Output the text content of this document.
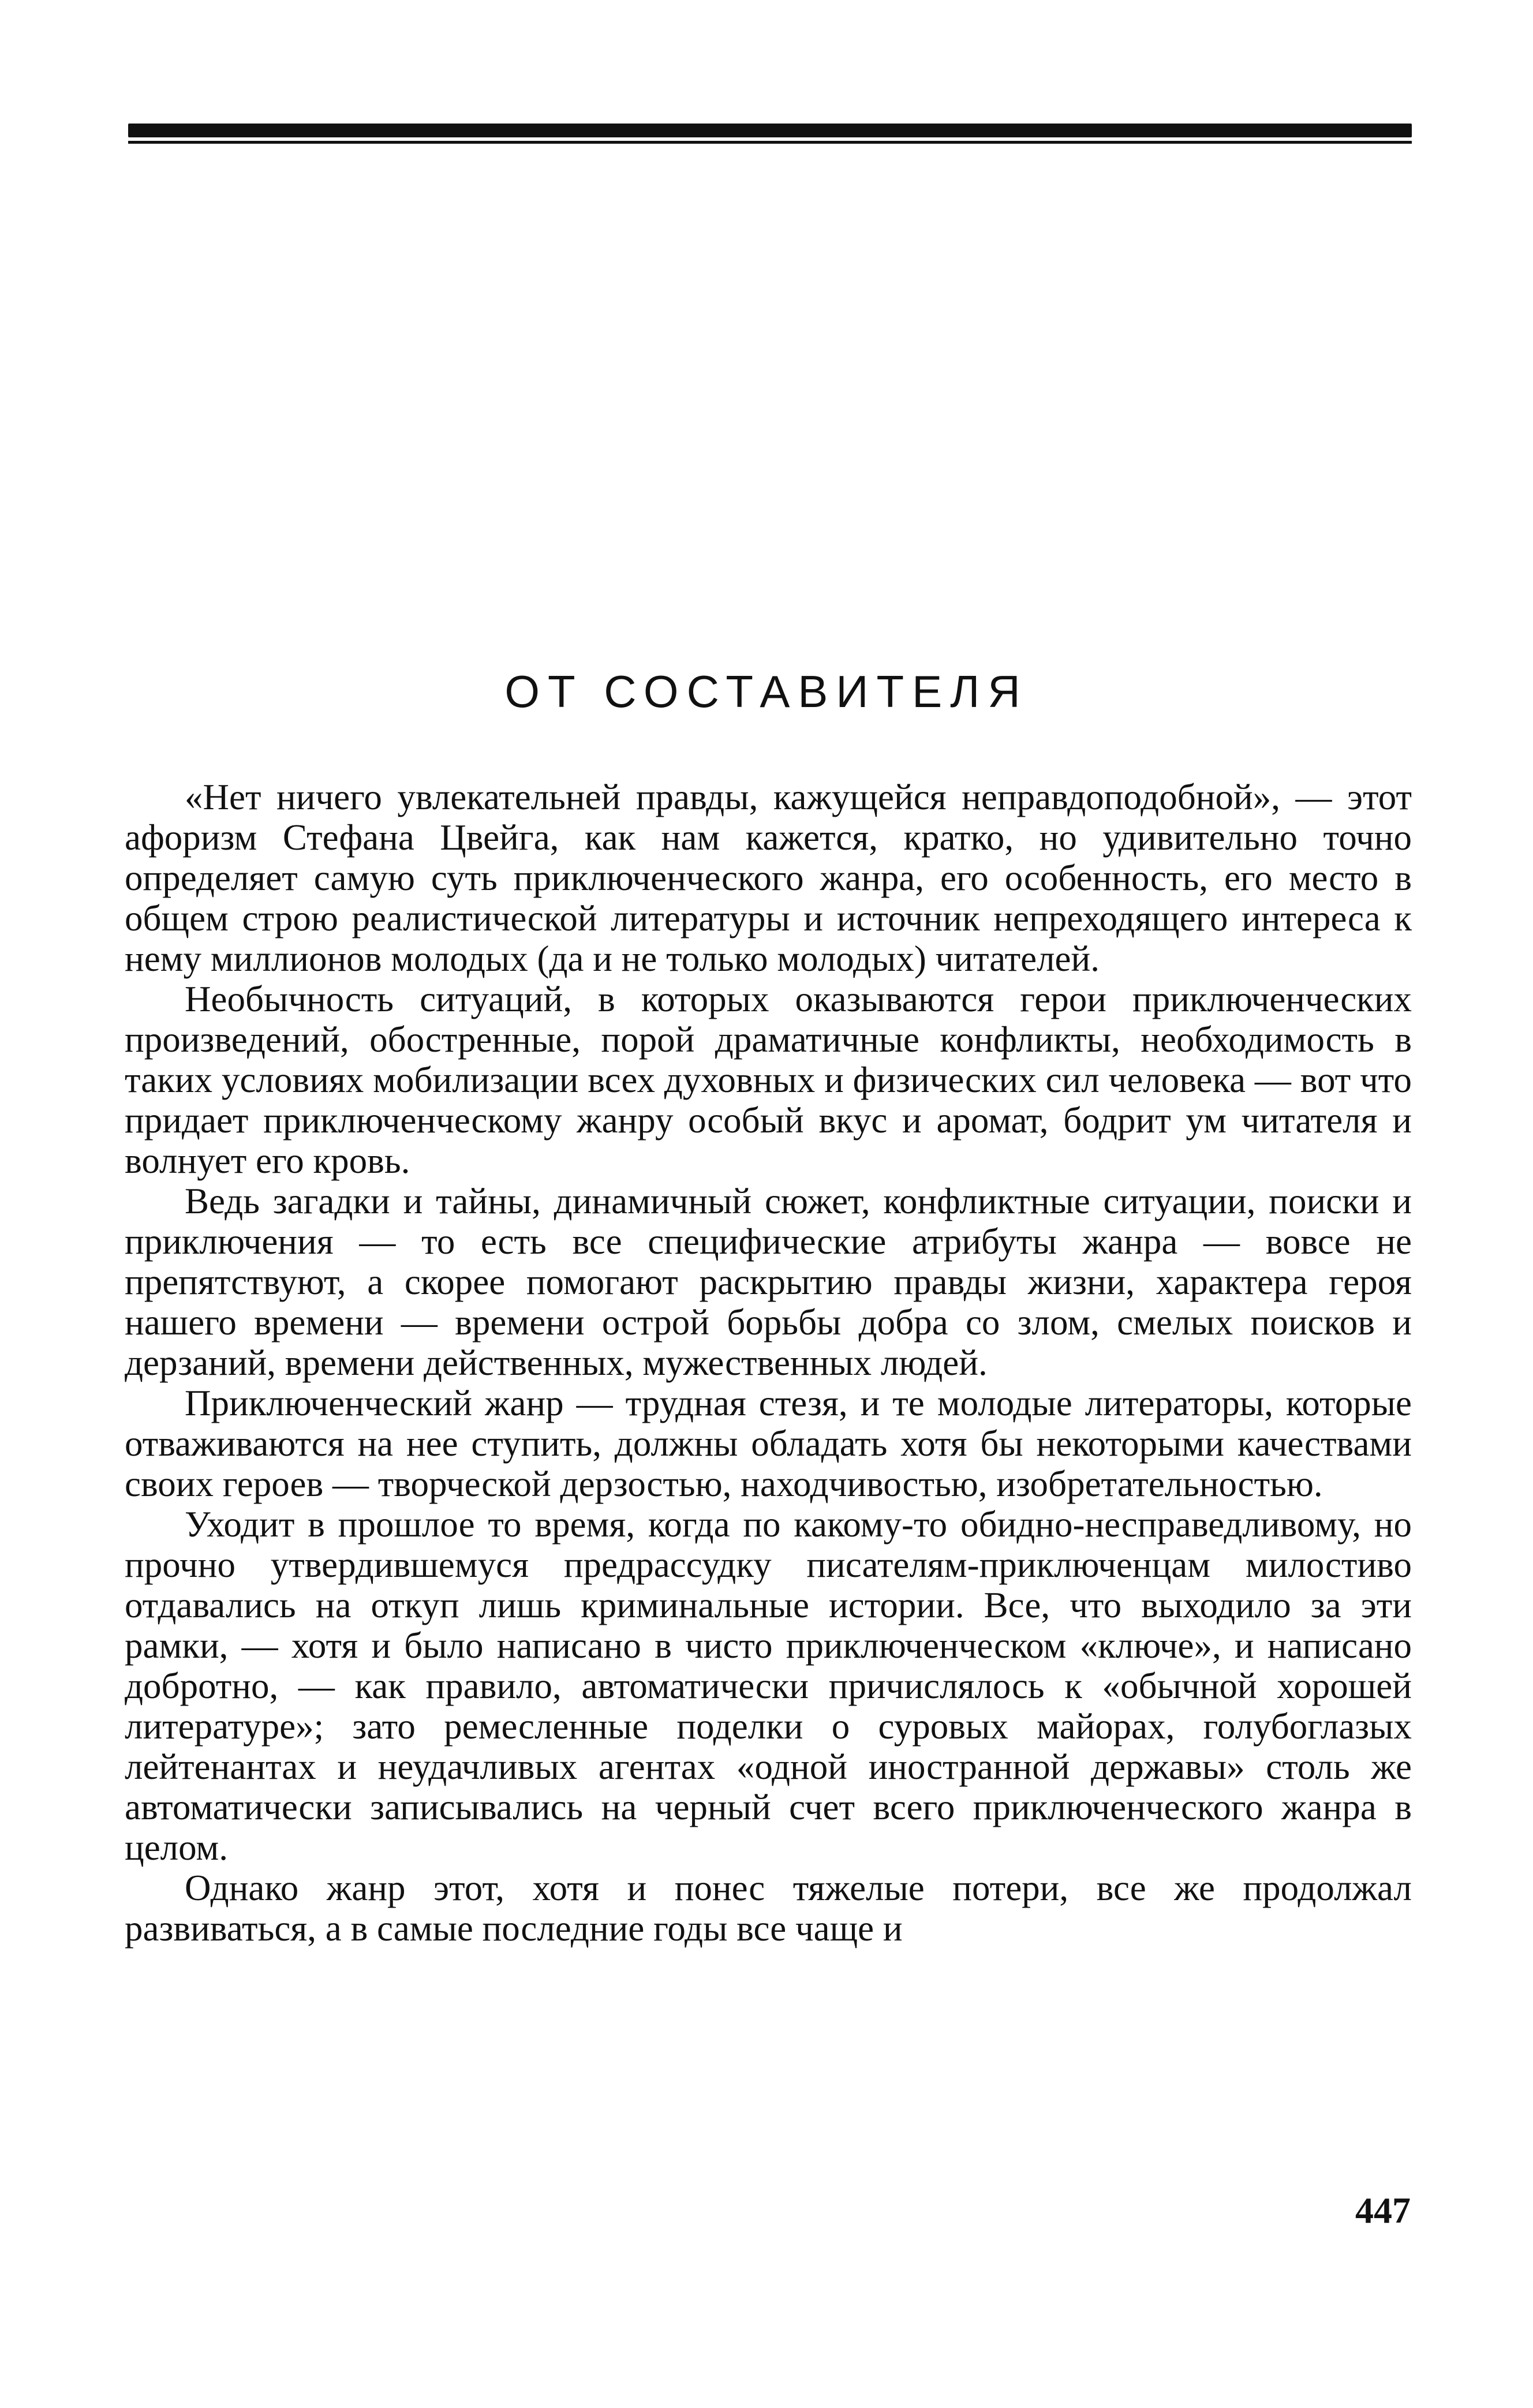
ОТ СОСТАВИТЕЛЯ

«Нет ничего увлекательней правды, кажущейся неправдоподобной», — этот афоризм Стефана Цвейга, как нам кажется, кратко, но удивительно точно определяет самую суть приключенческого жанра, его особенность, его место в общем строю реалистической литературы и источник непреходящего интереса к нему миллионов молодых (да и не только молодых) читателей.

Необычность ситуаций, в которых оказываются герои приключенческих произведений, обостренные, порой драматичные конфликты, необходимость в таких условиях мобилизации всех духовных и физических сил человека — вот что придает приключенческому жанру особый вкус и аромат, бодрит ум читателя и волнует его кровь.

Ведь загадки и тайны, динамичный сюжет, конфликтные ситуации, поиски и приключения — то есть все специфические атрибуты жанра — вовсе не препятствуют, а скорее помогают раскрытию правды жизни, характера героя нашего времени — времени острой борьбы добра со злом, смелых поисков и дерзаний, времени действенных, мужественных людей.

Приключенческий жанр — трудная стезя, и те молодые литераторы, которые отваживаются на нее ступить, должны обладать хотя бы некоторыми качествами своих героев — творческой дерзостью, находчивостью, изобретательностью.

Уходит в прошлое то время, когда по какому-то обидно-несправедливому, но прочно утвердившемуся предрассудку писателям-приключенцам милостиво отдавались на откуп лишь криминальные истории. Все, что выходило за эти рамки, — хотя и было написано в чисто приключенческом «ключе», и написано добротно, — как правило, автоматически причислялось к «обычной хорошей литературе»; зато ремесленные поделки о суровых майорах, голубоглазых лейтенантах и неудачливых агентах «одной иностранной державы» столь же автоматически записывались на черный счет всего приключенческого жанра в целом.

Однако жанр этот, хотя и понес тяжелые потери, все же продолжал развиваться, а в самые последние годы все чаще и

447
